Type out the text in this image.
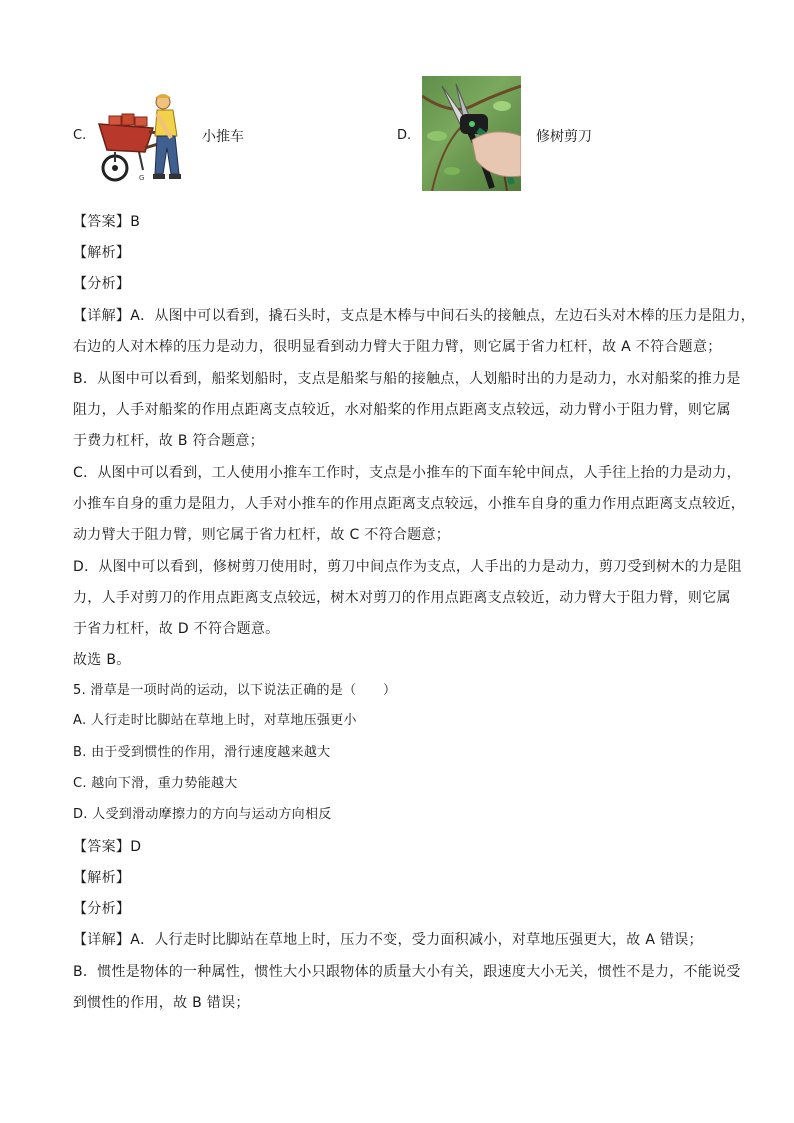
C.
G
小推车	D.	修树剪刀
【答案】B
【解析】
【分析】
【详解】A．从图中可以看到，撬石头时，支点是木棒与中间石头的接触点，左边石头对木棒的压力是阻力，
右边的人对木棒的压力是动力，很明显看到动力臂大于阻力臂，则它属于省力杠杆，故 A 不符合题意；
B．从图中可以看到，船桨划船时，支点是船桨与船的接触点，人划船时出的力是动力，水对船桨的推力是
阻力，人手对船桨的作用点距离支点较近，水对船桨的作用点距离支点较远，动力臂小于阻力臂，则它属
于费力杠杆，故 B 符合题意；
C．从图中可以看到，工人使用小推车工作时，支点是小推车的下面车轮中间点，人手往上抬的力是动力，
小推车自身的重力是阻力，人手对小推车的作用点距离支点较远，小推车自身的重力作用点距离支点较近，
动力臂大于阻力臂，则它属于省力杠杆，故 C 不符合题意；
D．从图中可以看到，修树剪刀使用时，剪刀中间点作为支点，人手出的力是动力，剪刀受到树木的力是阻
力，人手对剪刀的作用点距离支点较远，树木对剪刀的作用点距离支点较近，动力臂大于阻力臂，则它属
于省力杠杆，故 D 不符合题意。
故选 B。
5. 滑草是一项时尚的运动，以下说法正确的是（　　）
A. 人行走时比脚站在草地上时，对草地压强更小
B. 由于受到惯性的作用，滑行速度越来越大
C. 越向下滑，重力势能越大
D. 人受到滑动摩擦力的方向与运动方向相反
【答案】D
【解析】
【分析】
【详解】A．人行走时比脚站在草地上时，压力不变，受力面积减小，对草地压强更大，故 A 错误；
B．惯性是物体的一种属性，惯性大小只跟物体的质量大小有关，跟速度大小无关，惯性不是力，不能说受
到惯性的作用，故 B 错误；
